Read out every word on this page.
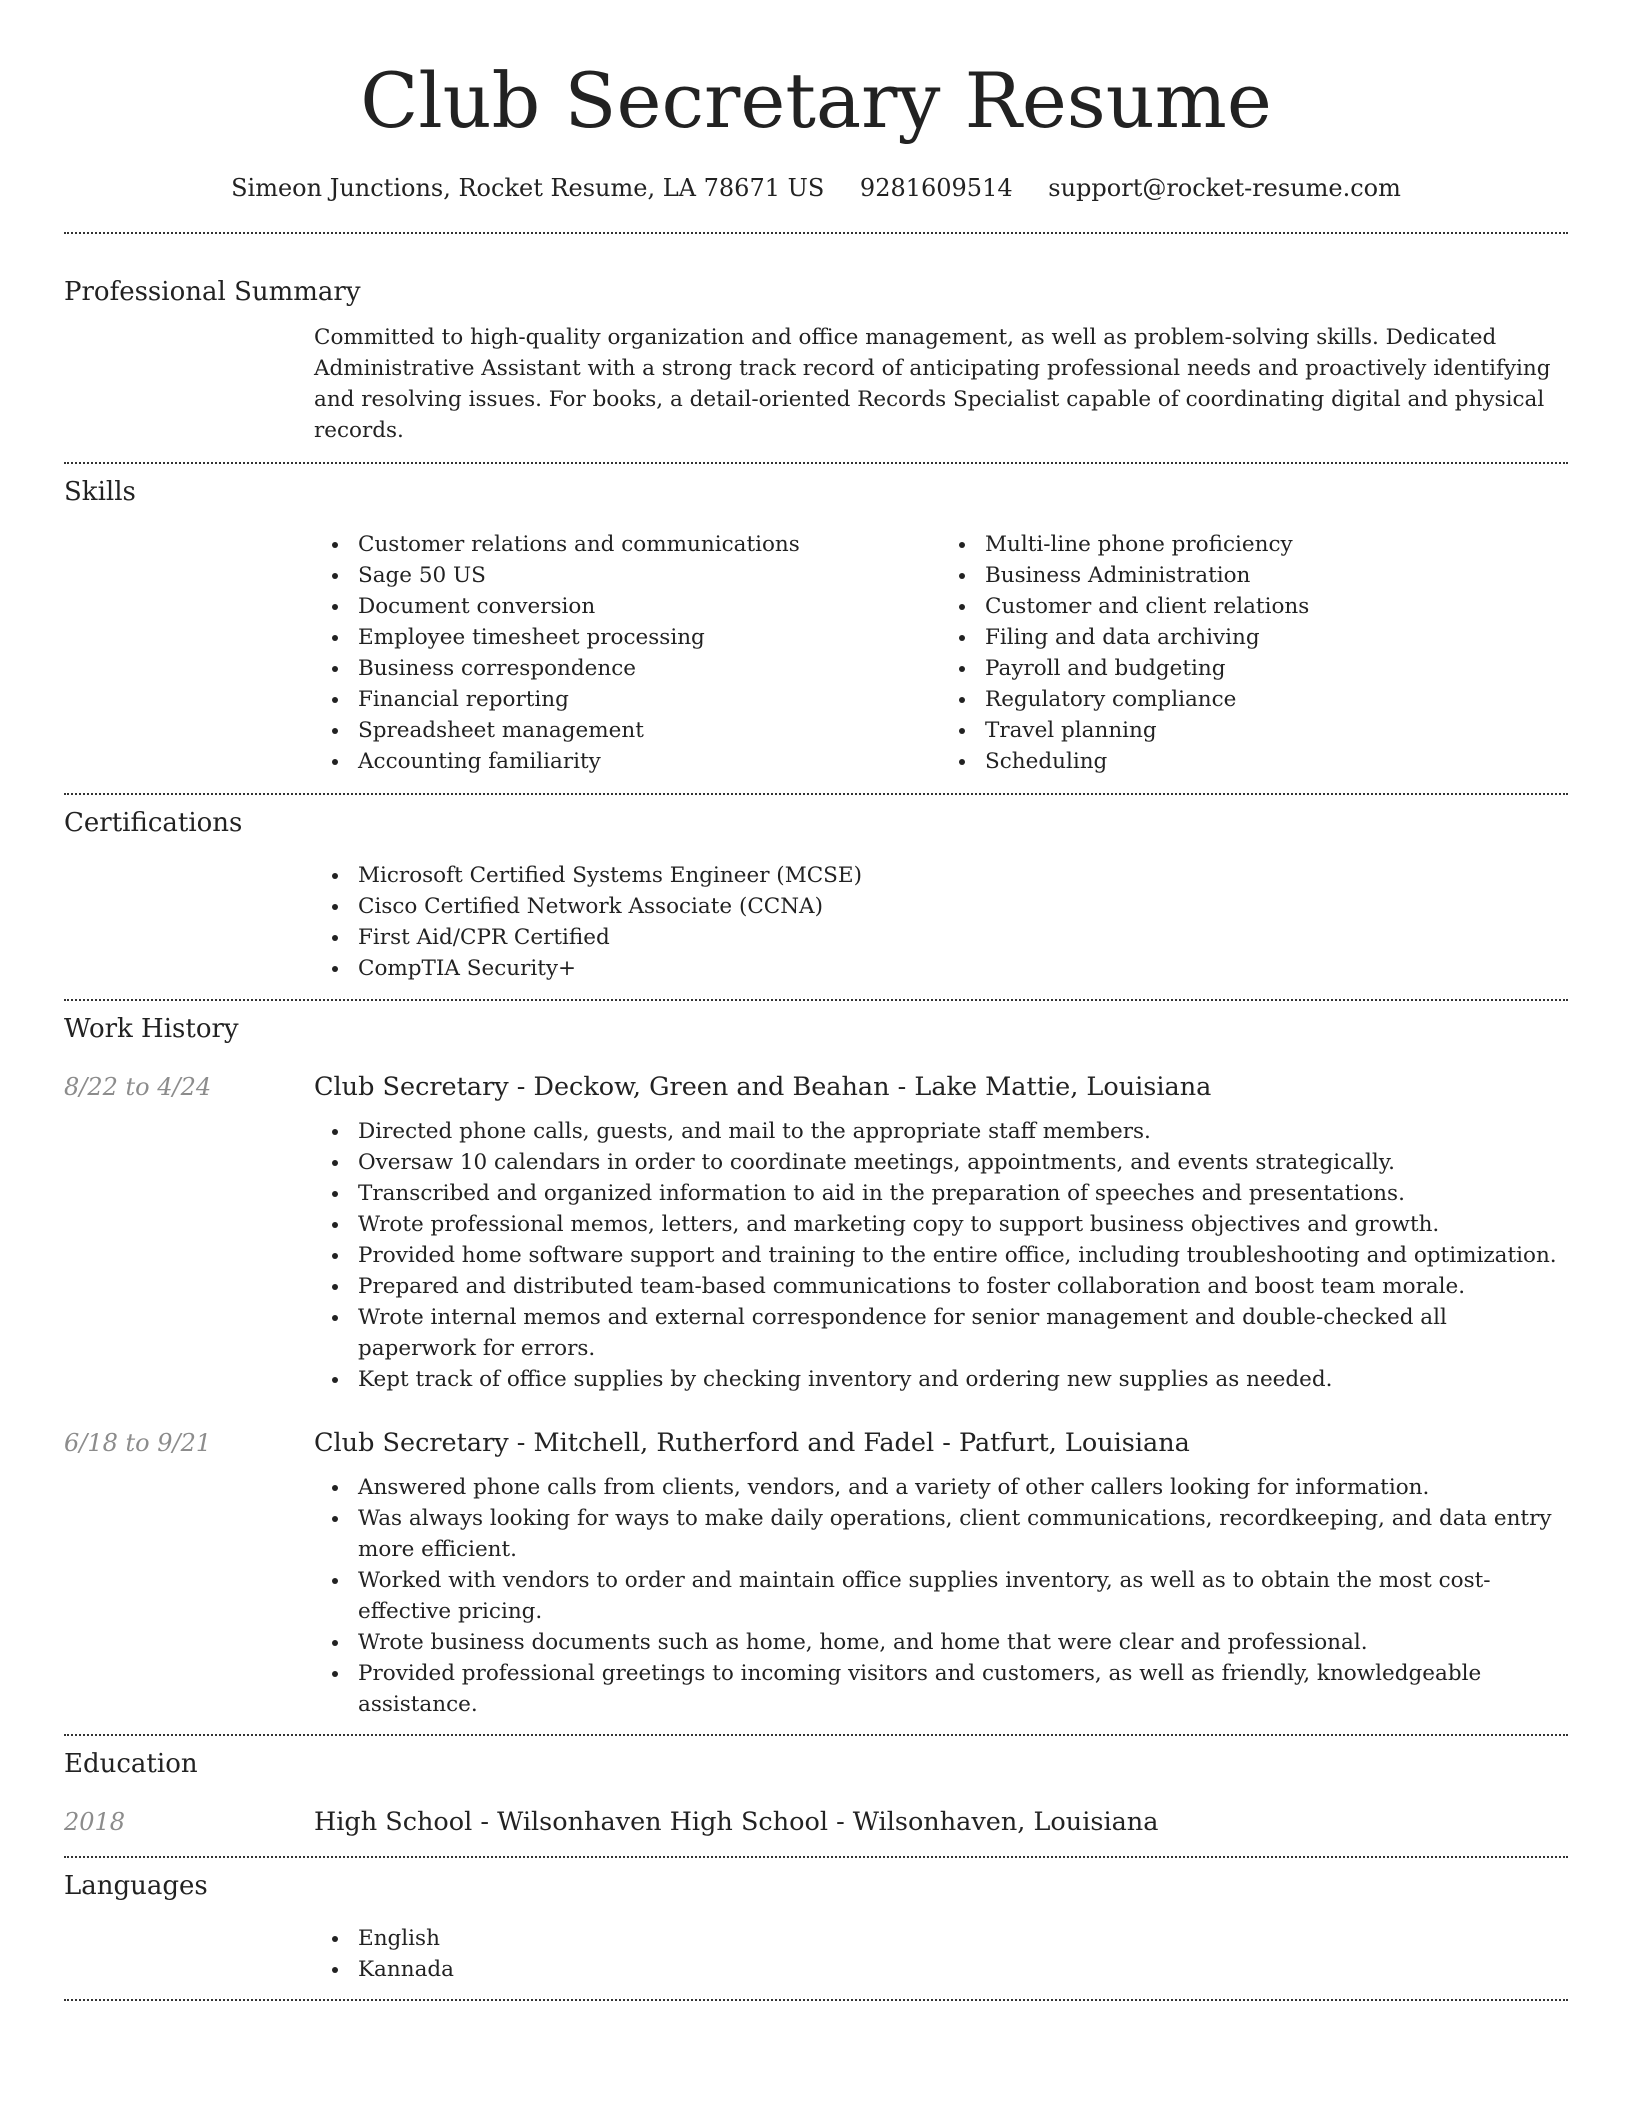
Club Secretary Resume
Simeon Junctions, Rocket Resume, LA 78671 US 9281609514 support@rocket-resume.com
Professional Summary

Committed to high-quality organization and office management, as well as problem-solving skills. Dedicated Administrative Assistant with a strong track record of anticipating professional needs and proactively identifying and resolving issues. For books, a detail-oriented Records Specialist capable of coordinating digital and physical records.

Skills
Customer relations and communications
Sage 50 US
Document conversion
Employee timesheet processing
Business correspondence
Financial reporting
Spreadsheet management
Accounting familiarity
Multi-line phone proficiency
Business Administration
Customer and client relations
Filing and data archiving
Payroll and budgeting
Regulatory compliance
Travel planning
Scheduling
Certifications
Microsoft Certified Systems Engineer (MCSE)
Cisco Certified Network Associate (CCNA)
First Aid/CPR Certified
CompTIA Security+
Work History
8/22 to 4/24	Club Secretary - Deckow, Green and Beahan - Lake Mattie, Louisiana
Directed phone calls, guests, and mail to the appropriate staff members.
Oversaw 10 calendars in order to coordinate meetings, appointments, and events strategically.
Transcribed and organized information to aid in the preparation of speeches and presentations.
Wrote professional memos, letters, and marketing copy to support business objectives and growth.
Provided home software support and training to the entire office, including troubleshooting and optimization.
Prepared and distributed team-based communications to foster collaboration and boost team morale.
Wrote internal memos and external correspondence for senior management and double-checked all paperwork for errors.
Kept track of office supplies by checking inventory and ordering new supplies as needed.
6/18 to 9/21	Club Secretary - Mitchell, Rutherford and Fadel - Patfurt, Louisiana
Answered phone calls from clients, vendors, and a variety of other callers looking for information.
Was always looking for ways to make daily operations, client communications, recordkeeping, and data entry more efficient.
Worked with vendors to order and maintain office supplies inventory, as well as to obtain the most cost-effective pricing.
Wrote business documents such as home, home, and home that were clear and professional.
Provided professional greetings to incoming visitors and customers, as well as friendly, knowledgeable assistance.
Education
2018	High School - Wilsonhaven High School - Wilsonhaven, Louisiana
Languages
English
Kannada
